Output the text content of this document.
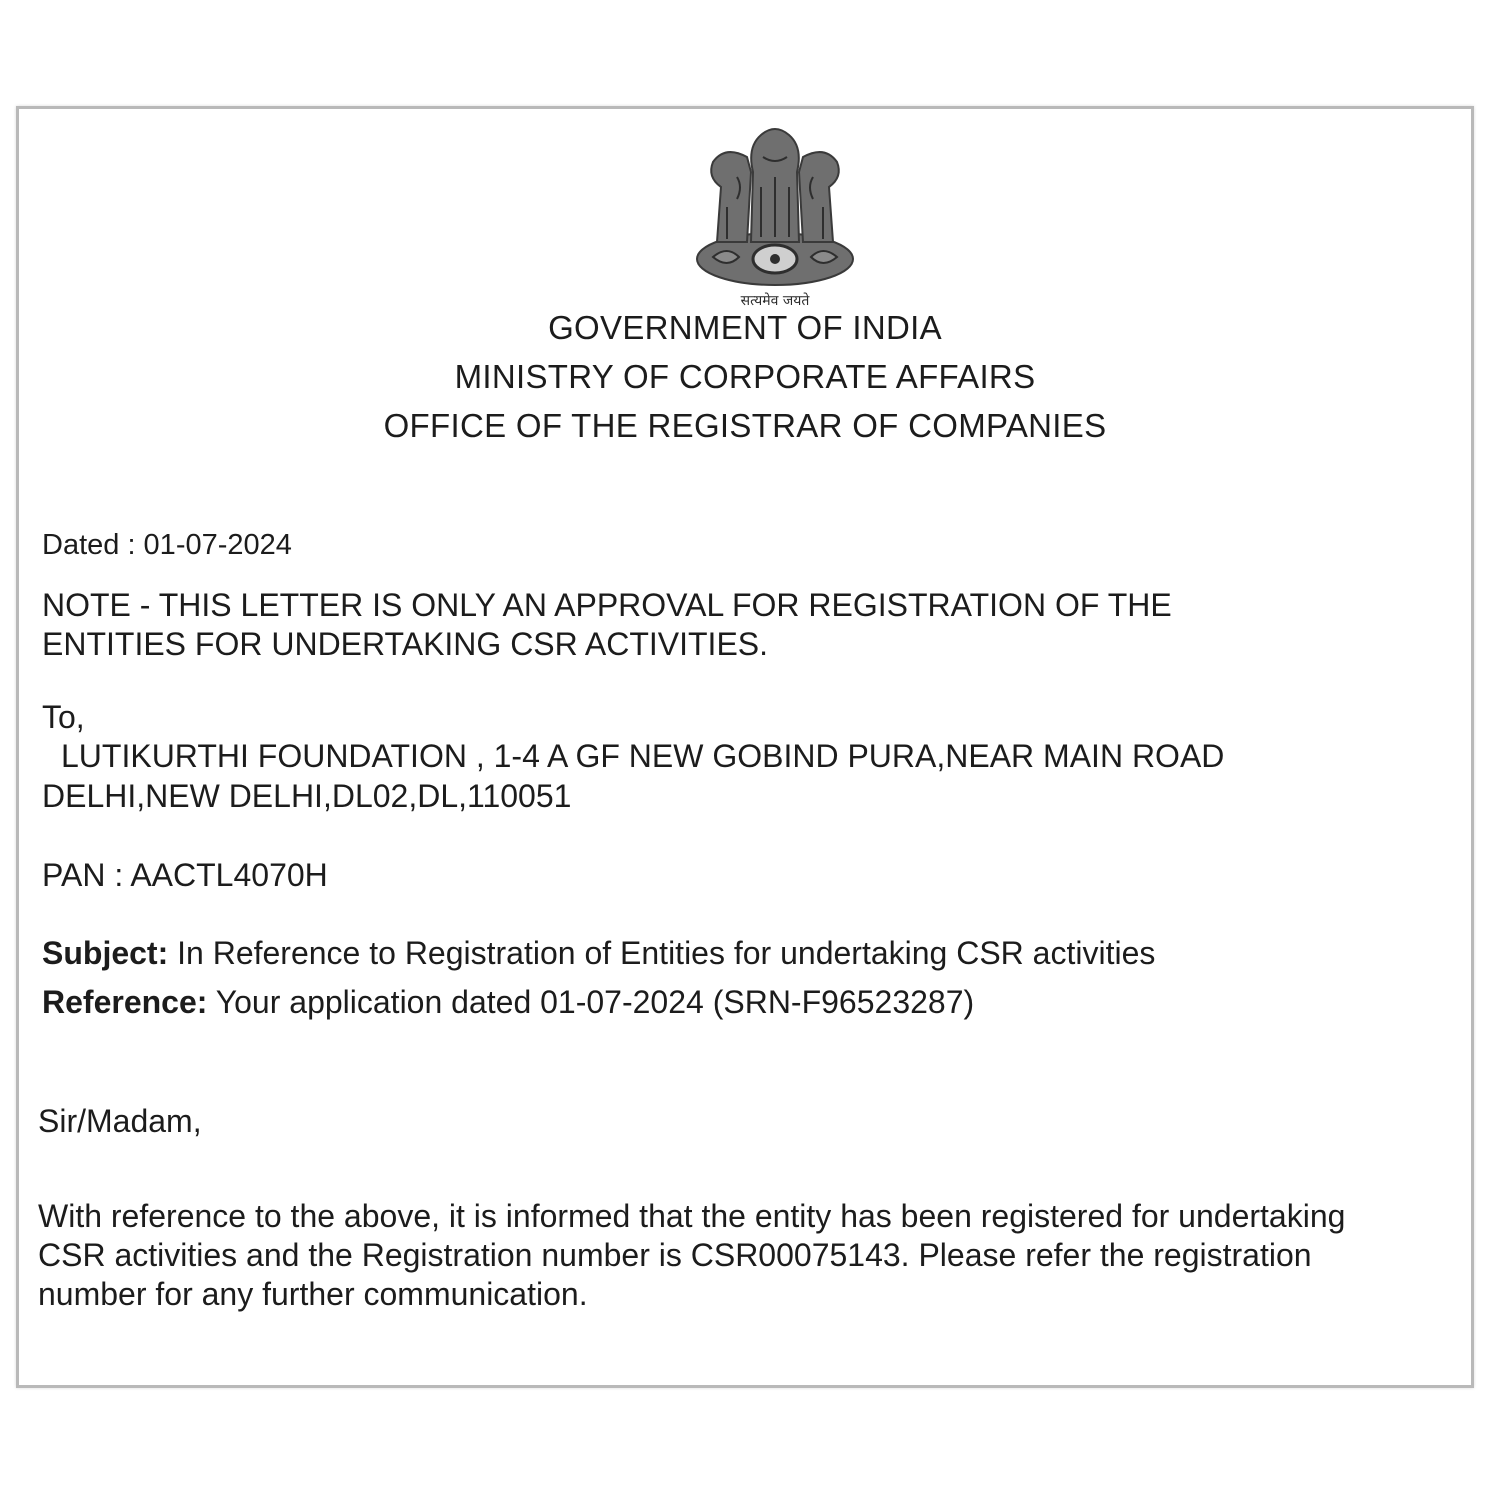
सत्यमेव जयते
GOVERNMENT OF INDIA
MINISTRY OF CORPORATE AFFAIRS
OFFICE OF THE REGISTRAR OF COMPANIES
Dated : 01-07-2024
NOTE - THIS LETTER IS ONLY AN APPROVAL FOR REGISTRATION OF THE
ENTITIES FOR UNDERTAKING CSR ACTIVITIES.
To,
LUTIKURTHI FOUNDATION , 1-4 A GF NEW GOBIND PURA,NEAR MAIN ROAD
DELHI,NEW DELHI,DL02,DL,110051
PAN : AACTL4070H
Subject: In Reference to Registration of Entities for undertaking CSR activities
Reference: Your application dated 01-07-2024 (SRN-F96523287)
Sir/Madam,
With reference to the above, it is informed that the entity has been registered for undertaking
CSR activities and the Registration number is CSR00075143. Please refer the registration
number for any further communication.
